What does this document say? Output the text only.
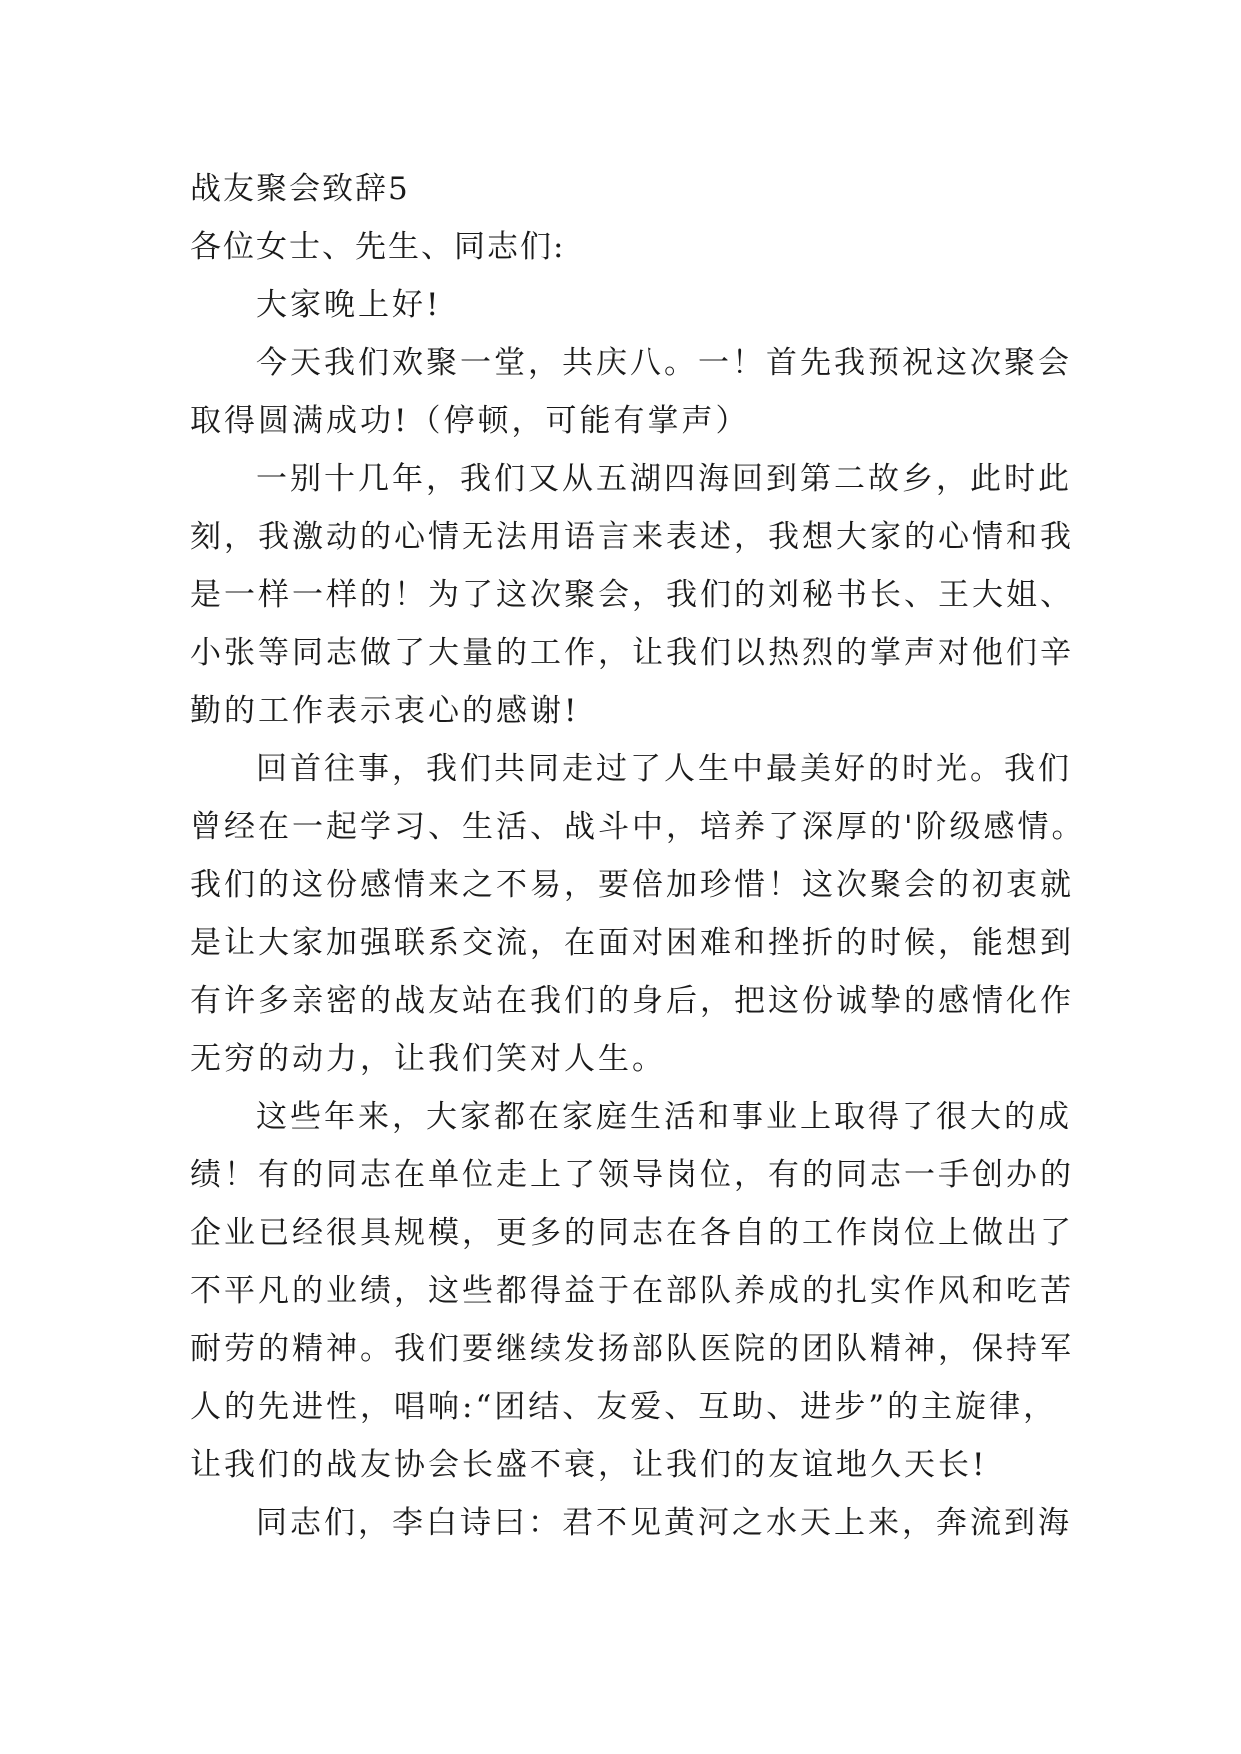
战友聚会致辞5
各位女士、先生、同志们:
大家晚上好!
今天我们欢聚一堂，共庆八。一！首先我预祝这次聚会
取得圆满成功!（停顿，可能有掌声）
一别十几年，我们又从五湖四海回到第二故乡，此时此
刻，我激动的心情无法用语言来表述，我想大家的心情和我
是一样一样的！为了这次聚会，我们的刘秘书长、王大姐、
小张等同志做了大量的工作，让我们以热烈的掌声对他们辛
勤的工作表示衷心的感谢!
回首往事，我们共同走过了人生中最美好的时光。我们
曾经在一起学习、生活、战斗中，培养了深厚的'阶级感情。
我们的这份感情来之不易，要倍加珍惜！这次聚会的初衷就
是让大家加强联系交流，在面对困难和挫折的时候，能想到
有许多亲密的战友站在我们的身后，把这份诚挚的感情化作
无穷的动力，让我们笑对人生。
这些年来，大家都在家庭生活和事业上取得了很大的成
绩！有的同志在单位走上了领导岗位，有的同志一手创办的
企业已经很具规模，更多的同志在各自的工作岗位上做出了
不平凡的业绩，这些都得益于在部队养成的扎实作风和吃苦
耐劳的精神。我们要继续发扬部队医院的团队精神，保持军
人的先进性，唱响:“团结、友爱、互助、进步”的主旋律，
让我们的战友协会长盛不衰，让我们的友谊地久天长!
同志们，李白诗曰：君不见黄河之水天上来，奔流到海
